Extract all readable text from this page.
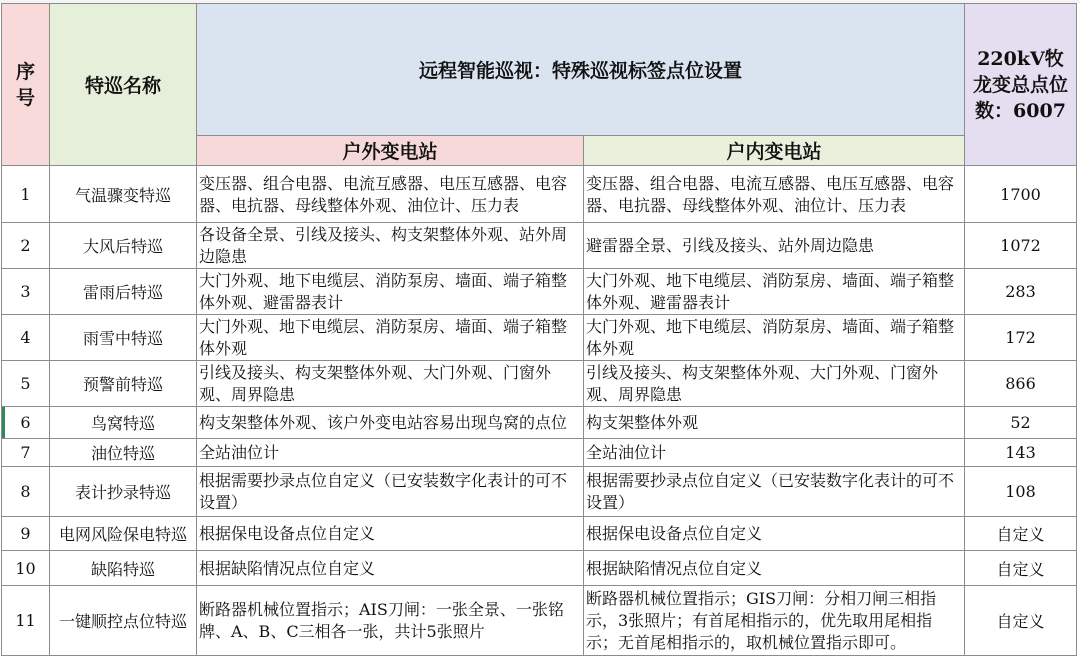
序号	特巡名称	远程智能巡视：特殊巡视标签点位设置		220kV牧龙变总点位数：6007
		户外变电站	户内变电站	
1	气温骤变特巡	变压器、组合电器、电流互感器、电压互感器、电容器、电抗器、母线整体外观、油位计、压力表	变压器、组合电器、电流互感器、电压互感器、电容器、电抗器、母线整体外观、油位计、压力表	1700
2	大风后特巡	各设备全景、引线及接头、构支架整体外观、站外周边隐患	避雷器全景、引线及接头、站外周边隐患	1072
3	雷雨后特巡	大门外观、地下电缆层、消防泵房、墙面、端子箱整体外观、避雷器表计	大门外观、地下电缆层、消防泵房、墙面、端子箱整体外观、避雷器表计	283
4	雨雪中特巡	大门外观、地下电缆层、消防泵房、墙面、端子箱整体外观	大门外观、地下电缆层、消防泵房、墙面、端子箱整体外观	172
5	预警前特巡	引线及接头、构支架整体外观、大门外观、门窗外观、周界隐患	引线及接头、构支架整体外观、大门外观、门窗外观、周界隐患	866
6	鸟窝特巡	构支架整体外观、该户外变电站容易出现鸟窝的点位	构支架整体外观	52
7	油位特巡	全站油位计	全站油位计	143
8	表计抄录特巡	根据需要抄录点位自定义（已安装数字化表计的可不设置）	根据需要抄录点位自定义（已安装数字化表计的可不设置）	108
9	电网风险保电特巡	根据保电设备点位自定义	根据保电设备点位自定义	自定义
10	缺陷特巡	根据缺陷情况点位自定义	根据缺陷情况点位自定义	自定义
11	一键顺控点位特巡	断路器机械位置指示；AIS刀闸：一张全景、一张铭牌、A、B、C三相各一张，共计5张照片	断路器机械位置指示；GIS刀闸：分相刀闸三相指示，3张照片；有首尾相指示的，优先取用尾相指示；无首尾相指示的，取机械位置指示即可。	自定义
